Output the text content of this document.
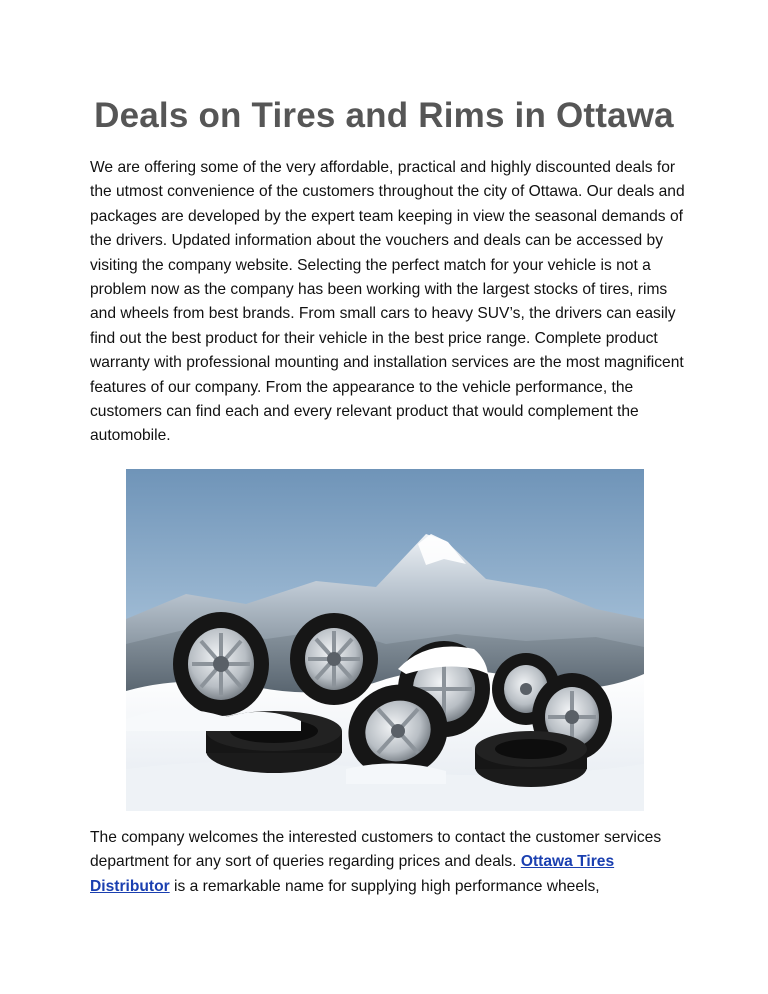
Deals on Tires and Rims in Ottawa

We are offering some of the very affordable, practical and highly discounted deals for the utmost convenience of the customers throughout the city of Ottawa. Our deals and packages are developed by the expert team keeping in view the seasonal demands of the drivers. Updated information about the vouchers and deals can be accessed by visiting the company website. Selecting the perfect match for your vehicle is not a problem now as the company has been working with the largest stocks of tires, rims and wheels from best brands. From small cars to heavy SUV’s, the drivers can easily find out the best product for their vehicle in the best price range. Complete product warranty with professional mounting and installation services are the most magnificent features of our company. From the appearance to the vehicle performance, the customers can find each and every relevant product that would complement the automobile.

The company welcomes the interested customers to contact the customer services department for any sort of queries regarding prices and deals. Ottawa Tires Distributor is a remarkable name for supplying high performance wheels,
